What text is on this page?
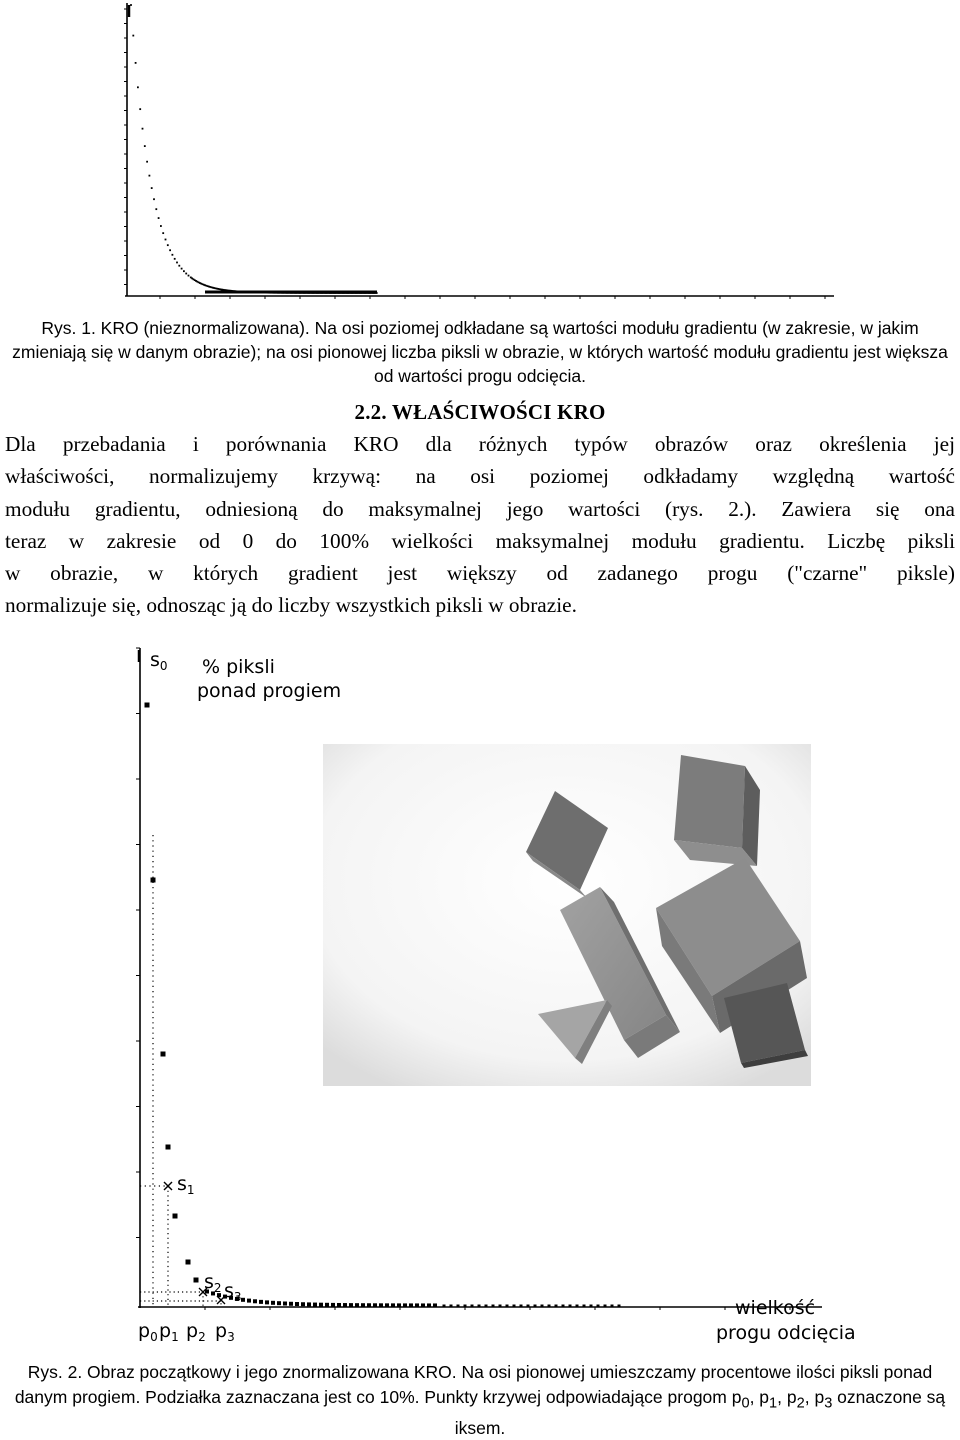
Rys. 1. KRO (nieznormalizowana). Na osi poziomej odkładane są wartości modułu gradientu (w zakresie, w jakim zmieniają się w danym obrazie); na osi pionowej liczba piksli w obrazie, w których wartość modułu gradientu jest większa od wartości progu odcięcia.
2.2. WŁAŚCIWOŚCI KRO
Dla przebadania i porównania KRO dla różnych typów obrazów oraz określenia jej
właściwości, normalizujemy krzywą: na osi poziomej odkładamy względną wartość
modułu gradientu, odniesioną do maksymalnej jego wartości (rys. 2.). Zawiera się ona
teraz w zakresie od 0 do 100% wielkości maksymalnej modułu gradientu. Liczbę piksli
w obrazie, w których gradient jest większy od zadanego progu ("czarne" piksle)
normalizuje się, odnosząc ją do liczby wszystkich piksli w obrazie.
$s_0$
$s_1$
$s_2$ $s_3$
$p_0$ $p_1$ $p_2$ $p_3$
% piksli
ponad progiem
wielkość
progu odcięcia
Rys. 2. Obraz początkowy i jego znormalizowana KRO. Na osi pionowej umieszczamy procentowe ilości piksli ponad danym progiem. Podziałka zaznaczana jest co 10%. Punkty krzywej odpowiadające progom $p_0$, $p_1$, $p_2$, $p_3$ oznaczone są iksem.
